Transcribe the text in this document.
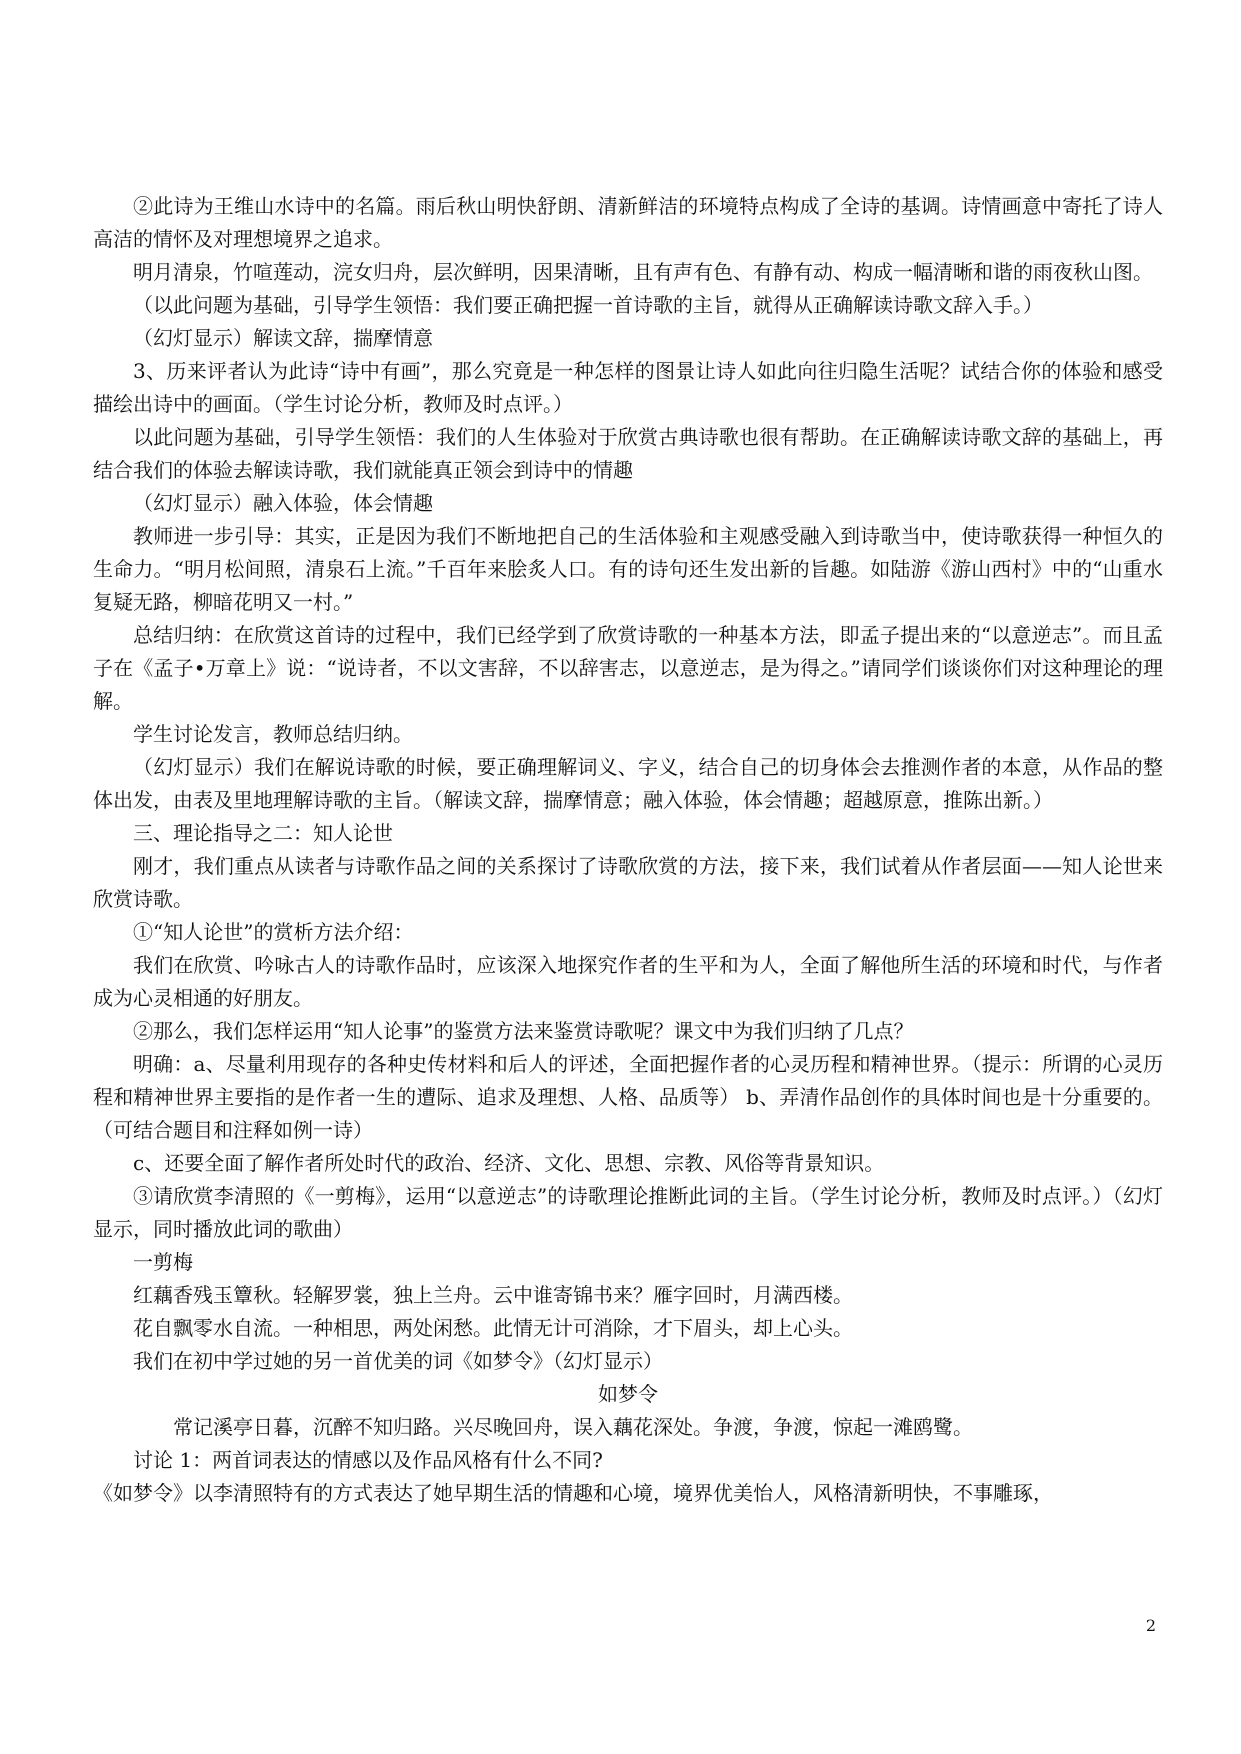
②此诗为王维山水诗中的名篇。雨后秋山明快舒朗、清新鲜洁的环境特点构成了全诗的基调。诗情画意中寄托了诗人高洁的情怀及对理想境界之追求。

明月清泉，竹喧莲动，浣女归舟，层次鲜明，因果清晰，且有声有色、有静有动、构成一幅清晰和谐的雨夜秋山图。

（以此问题为基础，引导学生领悟：我们要正确把握一首诗歌的主旨，就得从正确解读诗歌文辞入手。）

（幻灯显示）解读文辞，揣摩情意

3、历来评者认为此诗“诗中有画”，那么究竟是一种怎样的图景让诗人如此向往归隐生活呢？试结合你的体验和感受描绘出诗中的画面。（学生讨论分析，教师及时点评。）

以此问题为基础，引导学生领悟：我们的人生体验对于欣赏古典诗歌也很有帮助。在正确解读诗歌文辞的基础上，再结合我们的体验去解读诗歌，我们就能真正领会到诗中的情趣

（幻灯显示）融入体验，体会情趣

教师进一步引导：其实，正是因为我们不断地把自己的生活体验和主观感受融入到诗歌当中，使诗歌获得一种恒久的生命力。“明月松间照，清泉石上流。”千百年来脍炙人口。有的诗句还生发出新的旨趣。如陆游《游山西村》中的“山重水复疑无路，柳暗花明又一村。”

总结归纳：在欣赏这首诗的过程中，我们已经学到了欣赏诗歌的一种基本方法，即孟子提出来的“以意逆志”。而且孟子在《孟子•万章上》说：“说诗者，不以文害辞，不以辞害志，以意逆志，是为得之。”请同学们谈谈你们对这种理论的理解。

学生讨论发言，教师总结归纳。

（幻灯显示）我们在解说诗歌的时候，要正确理解词义、字义，结合自己的切身体会去推测作者的本意，从作品的整体出发，由表及里地理解诗歌的主旨。（解读文辞，揣摩情意；融入体验，体会情趣；超越原意，推陈出新。）

三、理论指导之二：知人论世

刚才，我们重点从读者与诗歌作品之间的关系探讨了诗歌欣赏的方法，接下来，我们试着从作者层面——知人论世来欣赏诗歌。

①“知人论世”的赏析方法介绍：

我们在欣赏、吟咏古人的诗歌作品时，应该深入地探究作者的生平和为人，全面了解他所生活的环境和时代，与作者成为心灵相通的好朋友。

②那么，我们怎样运用“知人论事”的鉴赏方法来鉴赏诗歌呢？课文中为我们归纳了几点？

明确：a、尽量利用现存的各种史传材料和后人的评述，全面把握作者的心灵历程和精神世界。（提示：所谓的心灵历程和精神世界主要指的是作者一生的遭际、追求及理想、人格、品质等） b、弄清作品创作的具体时间也是十分重要的。（可结合题目和注释如例一诗）

c、还要全面了解作者所处时代的政治、经济、文化、思想、宗教、风俗等背景知识。

③请欣赏李清照的《一剪梅》，运用“以意逆志”的诗歌理论推断此词的主旨。（学生讨论分析，教师及时点评。）（幻灯显示，同时播放此词的歌曲）

一剪梅

红藕香残玉簟秋。轻解罗裳，独上兰舟。云中谁寄锦书来？雁字回时，月满西楼。

花自飘零水自流。一种相思，两处闲愁。此情无计可消除，才下眉头，却上心头。

我们在初中学过她的另一首优美的词《如梦令》（幻灯显示）

如梦令

常记溪亭日暮，沉醉不知归路。兴尽晚回舟，误入藕花深处。争渡，争渡，惊起一滩鸥鹭。

讨论 1：两首词表达的情感以及作品风格有什么不同?

《如梦令》以李清照特有的方式表达了她早期生活的情趣和心境，境界优美怡人，风格清新明快，不事雕琢，

2
